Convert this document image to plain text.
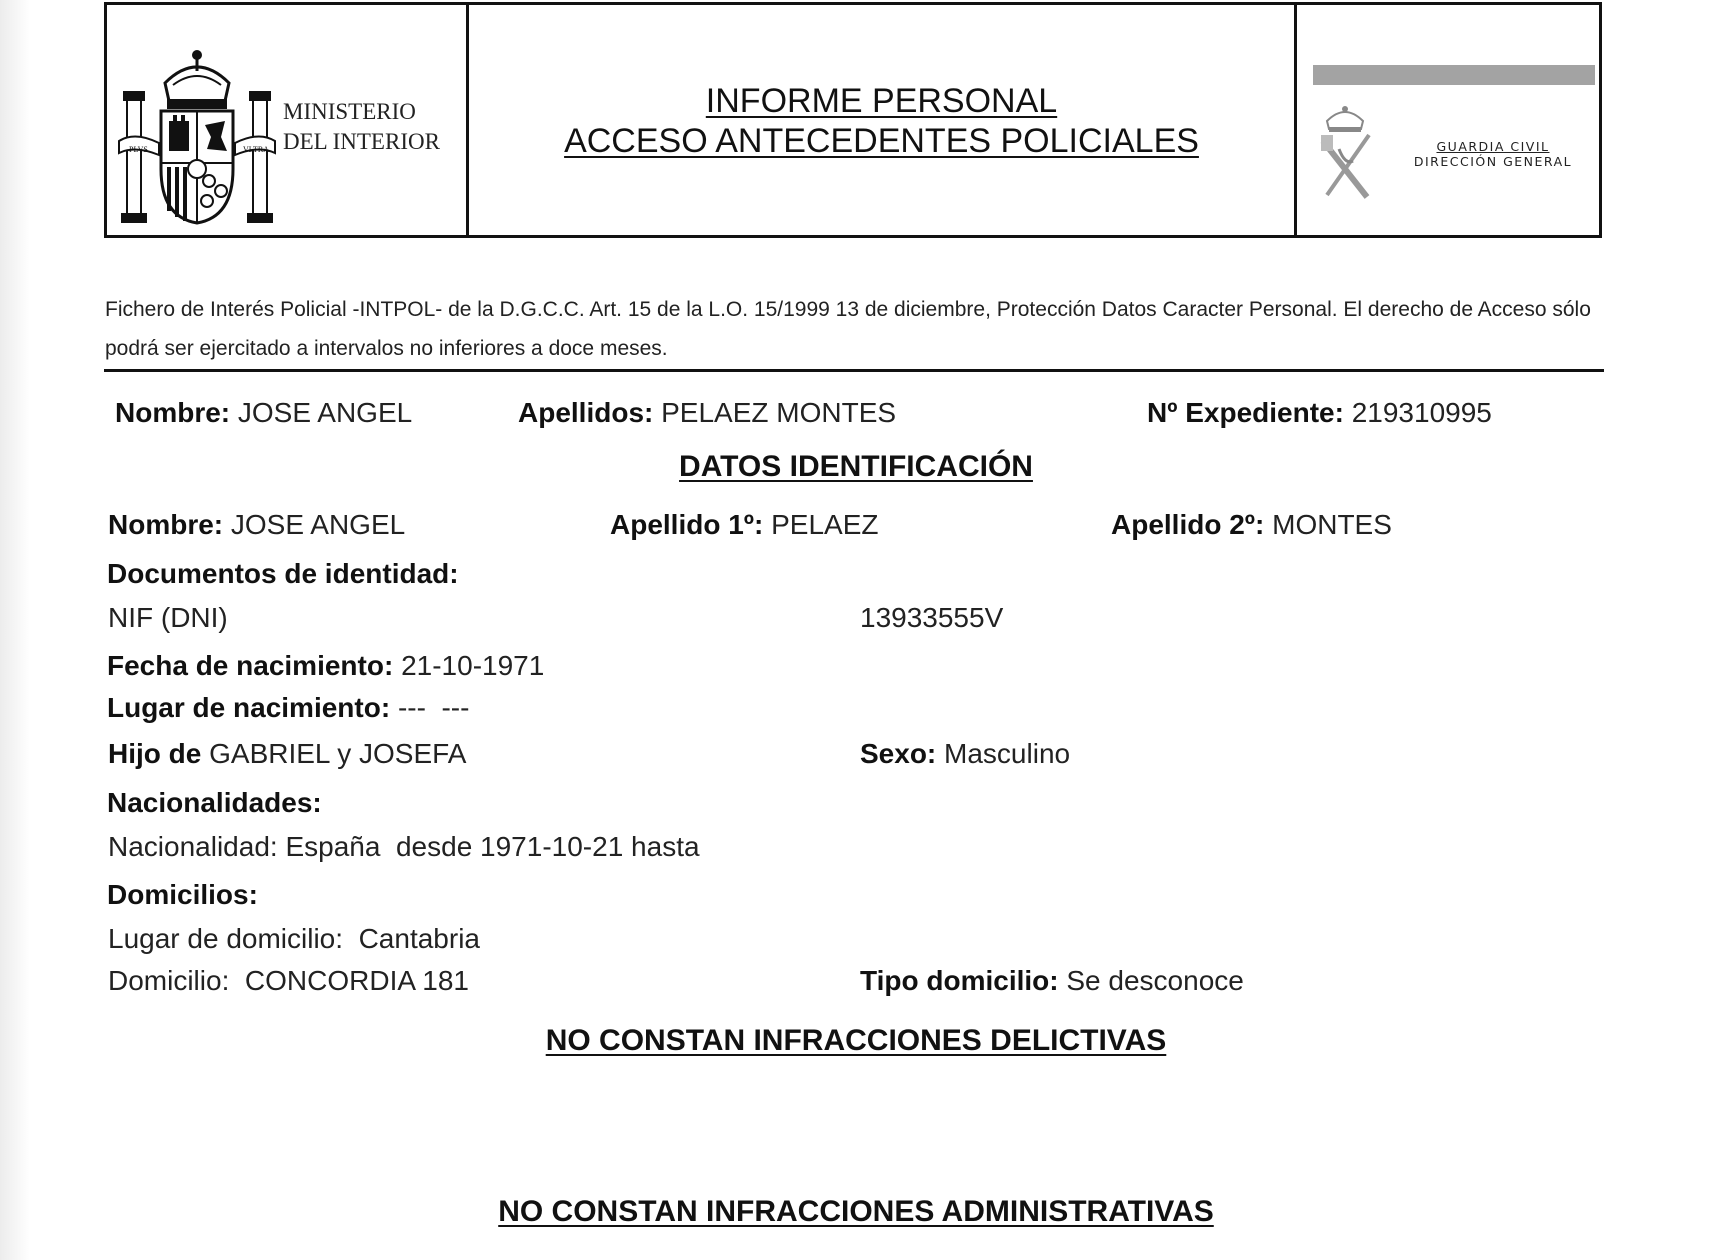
PLVS	VLTRA
MINISTERIO
DEL INTERIOR
INFORME PERSONAL
ACCESO ANTECEDENTES POLICIALES	GUARDIA CIVIL
DIRECCIÓN GENERAL
Fichero de Interés Policial -INTPOL- de la D.G.C.C. Art. 15 de la L.O. 15/1999 13 de diciembre, Protección Datos Caracter Personal. El derecho de Acceso sólo podrá ser ejercitado a intervalos no inferiores a doce meses.
Nombre: JOSE ANGEL	Apellidos: PELAEZ MONTES	Nº Expediente: 219310995
DATOS IDENTIFICACIÓN
Nombre: JOSE ANGEL	Apellido 1º: PELAEZ	Apellido 2º: MONTES
Documentos de identidad:
NIF (DNI)	13933555V
Fecha de nacimiento: 21-10-1971
Lugar de nacimiento: ---  ---
Hijo de GABRIEL y JOSEFA	Sexo: Masculino
Nacionalidades:
Nacionalidad: España  desde 1971-10-21 hasta
Domicilios:
Lugar de domicilio:  Cantabria
Domicilio:  CONCORDIA 181	Tipo domicilio: Se desconoce
NO CONSTAN INFRACCIONES DELICTIVAS
NO CONSTAN INFRACCIONES ADMINISTRATIVAS
